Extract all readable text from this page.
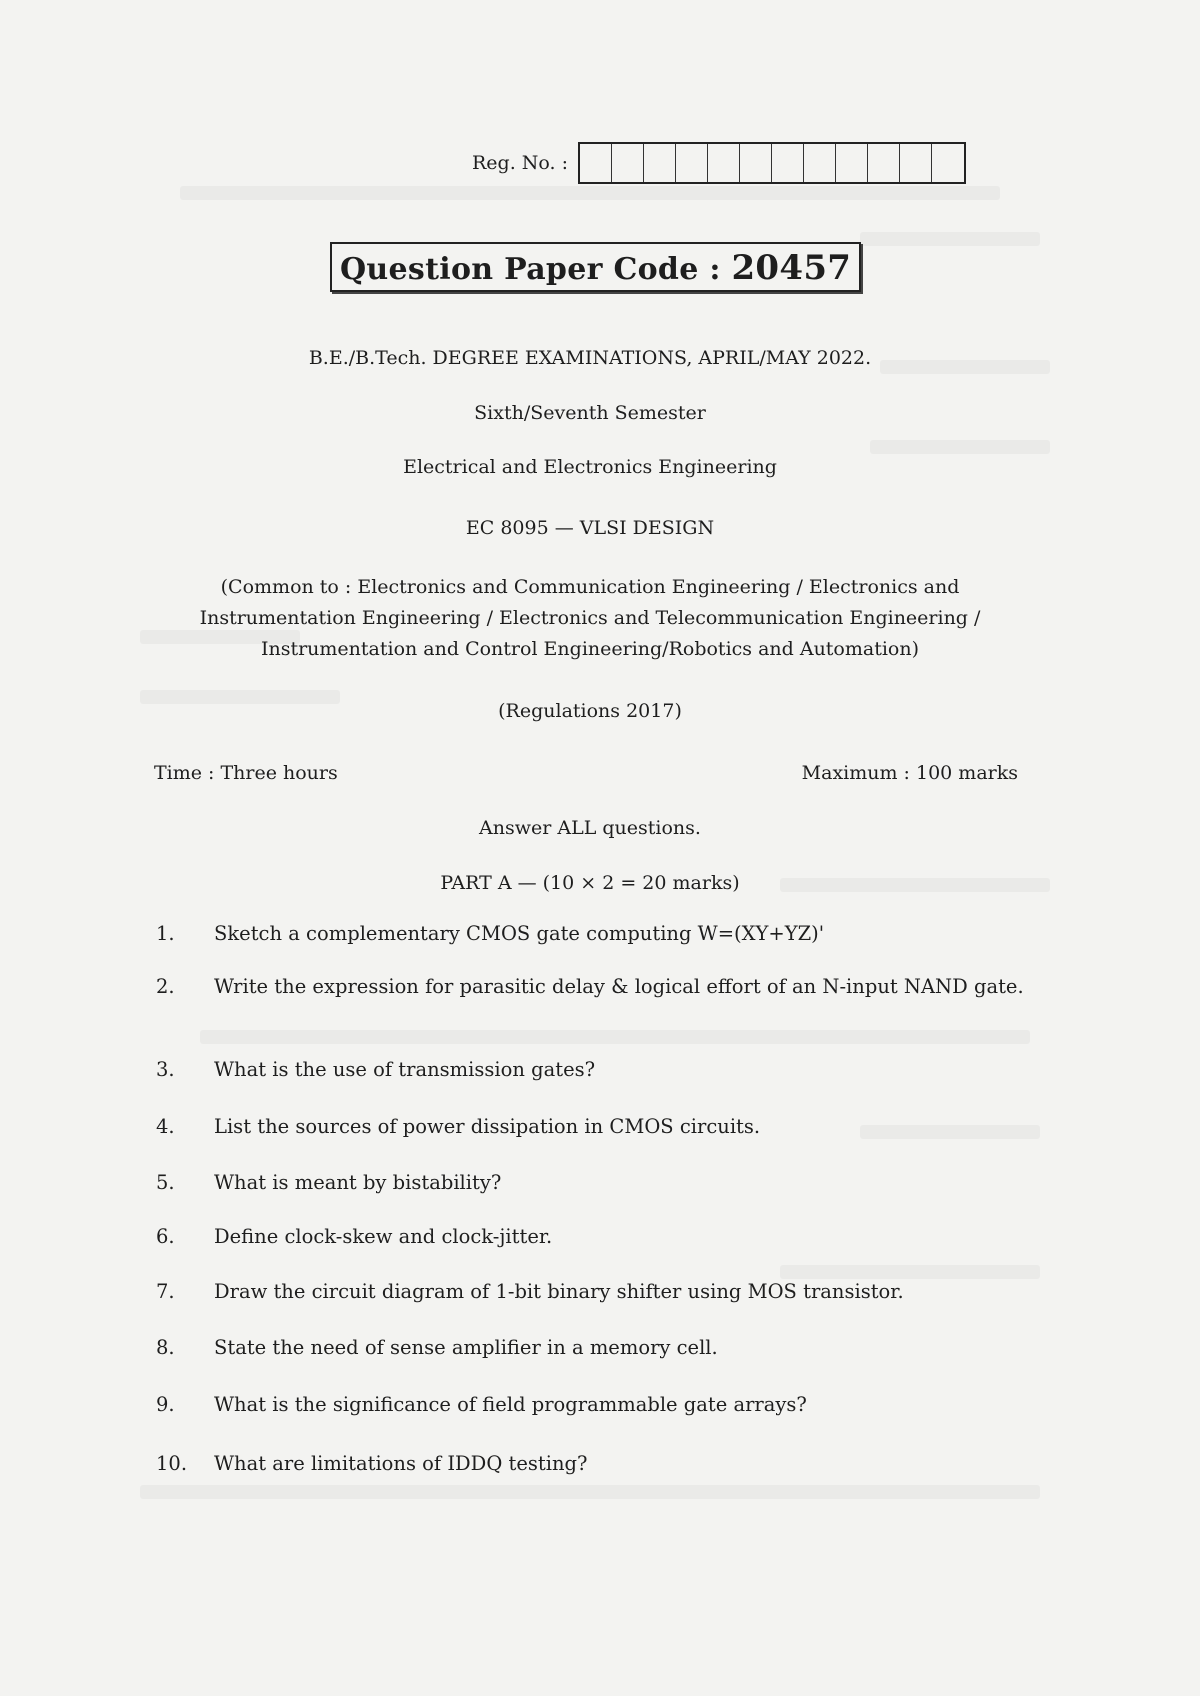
Reg. No. :
Question Paper Code : 20457
B.E./B.Tech. DEGREE EXAMINATIONS, APRIL/MAY 2022.
Sixth/Seventh Semester
Electrical and Electronics Engineering
EC 8095 — VLSI DESIGN
(Common to : Electronics and Communication Engineering / Electronics and
Instrumentation Engineering / Electronics and Telecommunication Engineering /
Instrumentation and Control Engineering/Robotics and Automation)
(Regulations 2017)
Time : Three hours	Maximum : 100 marks
Answer ALL questions.
PART A — (10 × 2 = 20 marks)
1.	Sketch a complementary CMOS gate computing W=(XY+YZ)'
2.	Write the expression for parasitic delay & logical effort of an N-input NAND gate.
3.	What is the use of transmission gates?
4.	List the sources of power dissipation in CMOS circuits.
5.	What is meant by bistability?
6.	Define clock-skew and clock-jitter.
7.	Draw the circuit diagram of 1-bit binary shifter using MOS transistor.
8.	State the need of sense amplifier in a memory cell.
9.	What is the significance of field programmable gate arrays?
10.	What are limitations of IDDQ testing?
